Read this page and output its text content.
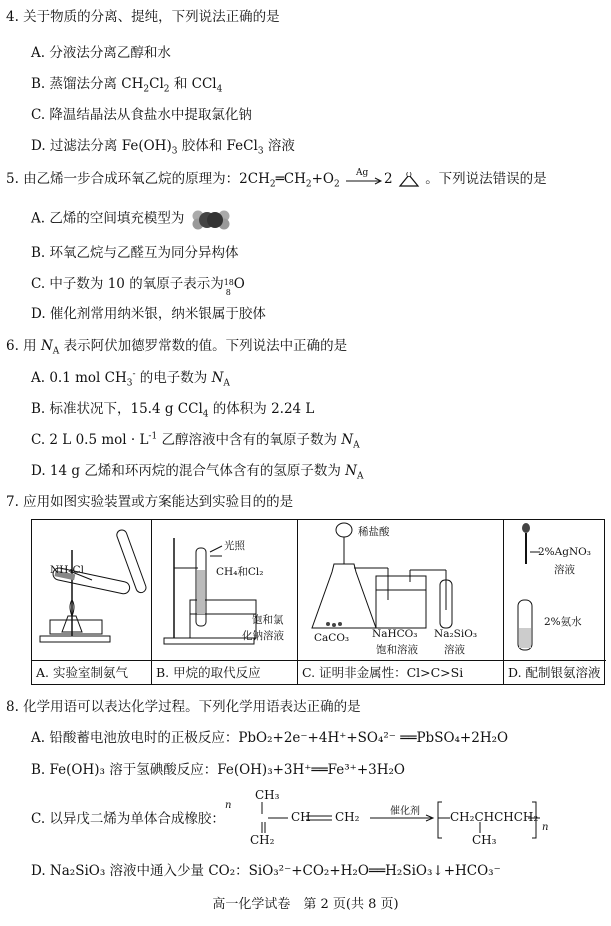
4. 关于物质的分离、提纯，下列说法正确的是
A. 分液法分离乙醇和水
B. 蒸馏法分离 $CH_2Cl_2$ 和 CCl$_4$
C. 降温结晶法从食盐水中提取氯化钠
D. 过滤法分离 $Fe(OH)_3$ 胶体和 FeCl$_3$ 溶液
5. 由乙烯一步合成环氧乙烷的原理为：$2CH_2═CH_2+O_2$
Ag 2 O 。下列说法错误的是
A. 乙烯的空间填充模型为
B. 环氧乙烷与乙醛互为同分异构体
C. 中子数为 10 的氧原子表示为 18
8 O
D. 催化剂常用纳米银，纳米银属于胶体
6. 用 $N_A$ 表示阿伏加德罗常数的值。下列说法中正确的是
A. 0.1 mol $CH_3^-$ 的电子数为 $N_A$
B. 标准状况下，15.4 g CCl$_4$ 的体积为 2.24 L
C. 2 L 0.5 mol · $L^{-1}$ 乙醇溶液中含有的氧原子数为 $N_A$
D. 14 g 乙烯和环丙烷的混合气体含有的氢原子数为 $N_A$
7. 应用如图实验装置或方案能达到实验目的的是
NH₄Cl
A. 实验室制氨气
光照
CH₄和Cl₂
饱和氯
化钠溶液
B. 甲烷的取代反应
稀盐酸
CaCO₃ NaHCO₃
饱和溶液
Na₂SiO₃
溶液
C. 证明非金属性：Cl>C>Si
2%AgNO₃
溶液
2%氨水
D. 配制银氨溶液
8. 化学用语可以表达化学过程。下列化学用语表达正确的是
A. 铅酸蓄电池放电时的正极反应：PbO₂+2e⁻+4H⁺+SO₄²⁻ ══PbSO₄+2H₂O
B. Fe(OH)₃ 溶于氢碘酸反应：Fe(OH)₃+3H⁺══Fe³⁺+3H₂O
C. 以异戊二烯为单体合成橡胶：
n
CH₃
CH CH₂
CH₂
催化剂	CH₂CHCHCH₂
CH₃
n
D. Na₂SiO₃ 溶液中通入少量 CO₂：SiO₃²⁻+CO₂+H₂O══H₂SiO₃↓+HCO₃⁻
高一化学试卷　第 2 页(共 8 页)
